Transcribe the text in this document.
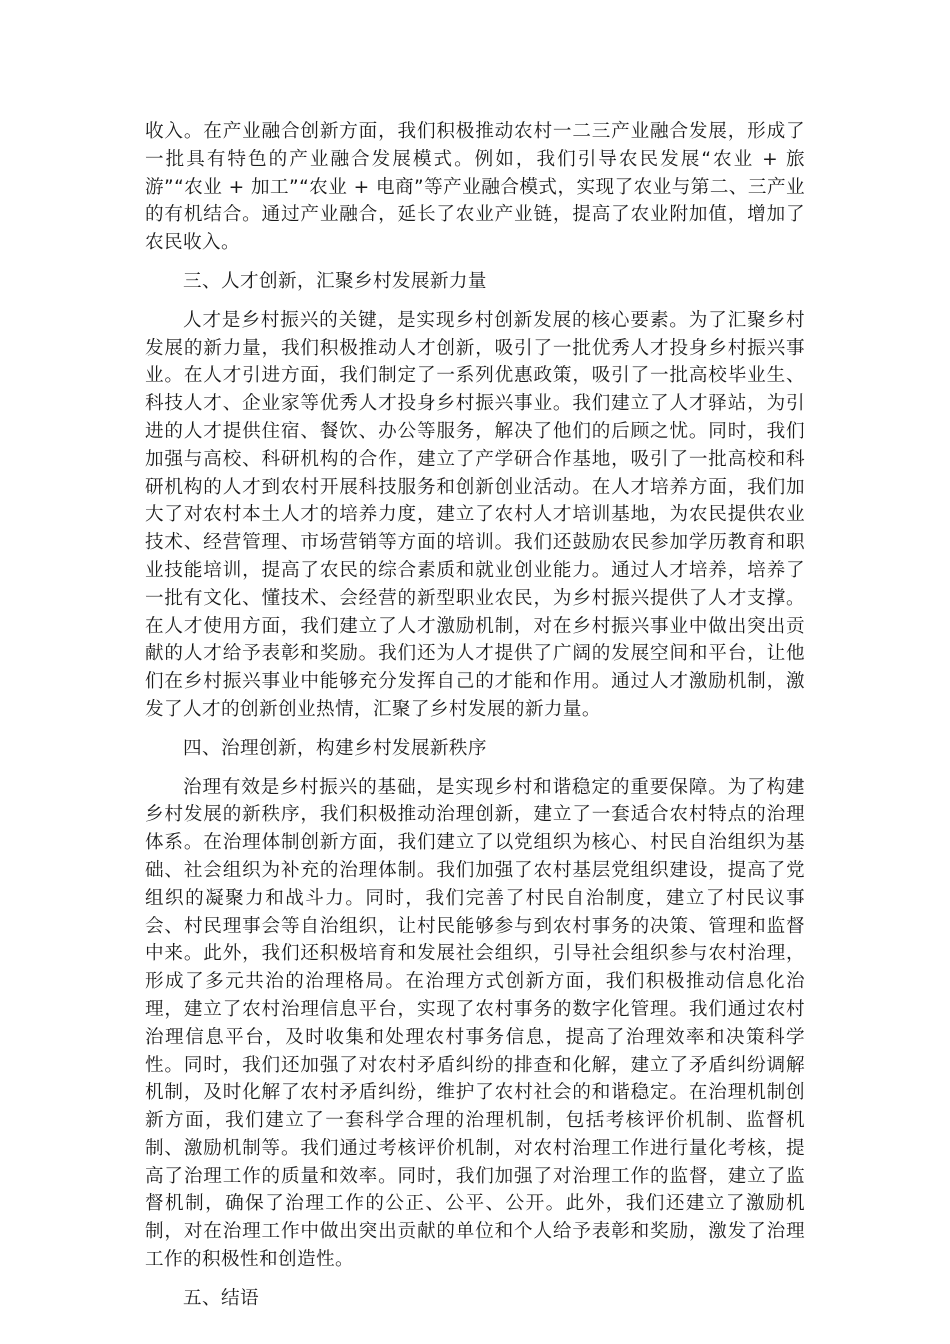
收入。在产业融合创新方面，我们积极推动农村一二三产业融合发展，形成了一批具有特色的产业融合发展模式。例如，我们引导农民发展“农业 + 旅游”“农业 + 加工”“农业 + 电商”等产业融合模式，实现了农业与第二、三产业的有机结合。通过产业融合，延长了农业产业链，提高了农业附加值，增加了农民收入。

三、人才创新，汇聚乡村发展新力量

人才是乡村振兴的关键，是实现乡村创新发展的核心要素。为了汇聚乡村发展的新力量，我们积极推动人才创新，吸引了一批优秀人才投身乡村振兴事业。在人才引进方面，我们制定了一系列优惠政策，吸引了一批高校毕业生、科技人才、企业家等优秀人才投身乡村振兴事业。我们建立了人才驿站，为引进的人才提供住宿、餐饮、办公等服务，解决了他们的后顾之忧。同时，我们加强与高校、科研机构的合作，建立了产学研合作基地，吸引了一批高校和科研机构的人才到农村开展科技服务和创新创业活动。在人才培养方面，我们加大了对农村本土人才的培养力度，建立了农村人才培训基地，为农民提供农业技术、经营管理、市场营销等方面的培训。我们还鼓励农民参加学历教育和职业技能培训，提高了农民的综合素质和就业创业能力。通过人才培养，培养了一批有文化、懂技术、会经营的新型职业农民，为乡村振兴提供了人才支撑。在人才使用方面，我们建立了人才激励机制，对在乡村振兴事业中做出突出贡献的人才给予表彰和奖励。我们还为人才提供了广阔的发展空间和平台，让他们在乡村振兴事业中能够充分发挥自己的才能和作用。通过人才激励机制，激发了人才的创新创业热情，汇聚了乡村发展的新力量。

四、治理创新，构建乡村发展新秩序

治理有效是乡村振兴的基础，是实现乡村和谐稳定的重要保障。为了构建乡村发展的新秩序，我们积极推动治理创新，建立了一套适合农村特点的治理体系。在治理体制创新方面，我们建立了以党组织为核心、村民自治组织为基础、社会组织为补充的治理体制。我们加强了农村基层党组织建设，提高了党组织的凝聚力和战斗力。同时，我们完善了村民自治制度，建立了村民议事会、村民理事会等自治组织，让村民能够参与到农村事务的决策、管理和监督中来。此外，我们还积极培育和发展社会组织，引导社会组织参与农村治理，形成了多元共治的治理格局。在治理方式创新方面，我们积极推动信息化治理，建立了农村治理信息平台，实现了农村事务的数字化管理。我们通过农村治理信息平台，及时收集和处理农村事务信息，提高了治理效率和决策科学性。同时，我们还加强了对农村矛盾纠纷的排查和化解，建立了矛盾纠纷调解机制，及时化解了农村矛盾纠纷，维护了农村社会的和谐稳定。在治理机制创新方面，我们建立了一套科学合理的治理机制，包括考核评价机制、监督机制、激励机制等。我们通过考核评价机制，对农村治理工作进行量化考核，提高了治理工作的质量和效率。同时，我们加强了对治理工作的监督，建立了监督机制，确保了治理工作的公正、公平、公开。此外，我们还建立了激励机制，对在治理工作中做出突出贡献的单位和个人给予表彰和奖励，激发了治理工作的积极性和创造性。

五、结语
